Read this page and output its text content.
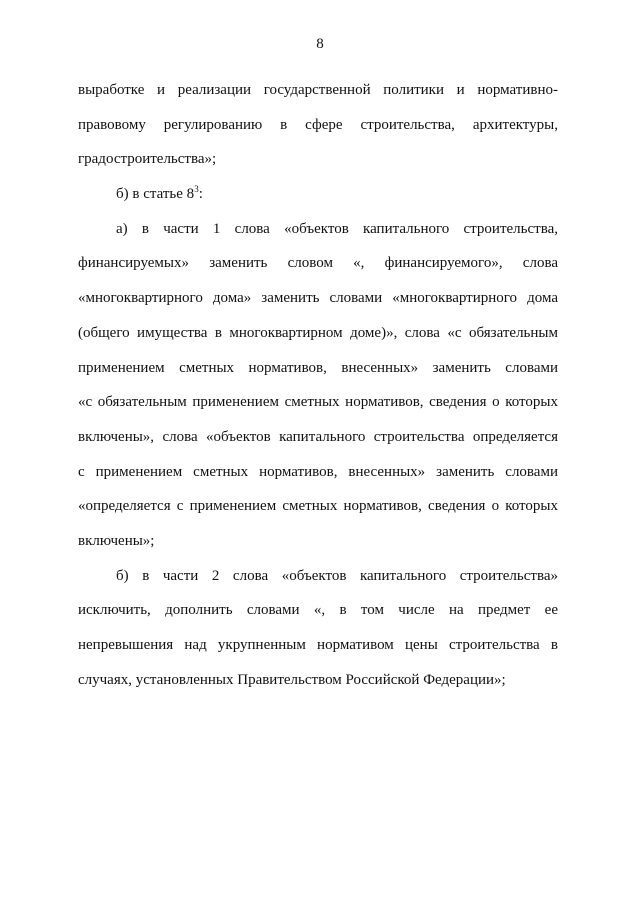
8
выработке и реализации государственной политики и нормативно-
правовому регулированию в сфере строительства, архитектуры,
градостроительства»;
б) в статье $8^3$:
а) в части 1 слова «объектов капитального строительства,
финансируемых» заменить словом «, финансируемого», слова
«многоквартирного дома» заменить словами «многоквартирного дома
(общего имущества в многоквартирном доме)», слова «с обязательным
применением сметных нормативов, внесенных» заменить словами
«с обязательным применением сметных нормативов, сведения о которых
включены», слова «объектов капитального строительства определяется
с применением сметных нормативов, внесенных» заменить словами
«определяется с применением сметных нормативов, сведения о которых
включены»;
б) в части 2 слова «объектов капитального строительства»
исключить, дополнить словами «, в том числе на предмет ее
непревышения над укрупненным нормативом цены строительства в
случаях, установленных Правительством Российской Федерации»;
